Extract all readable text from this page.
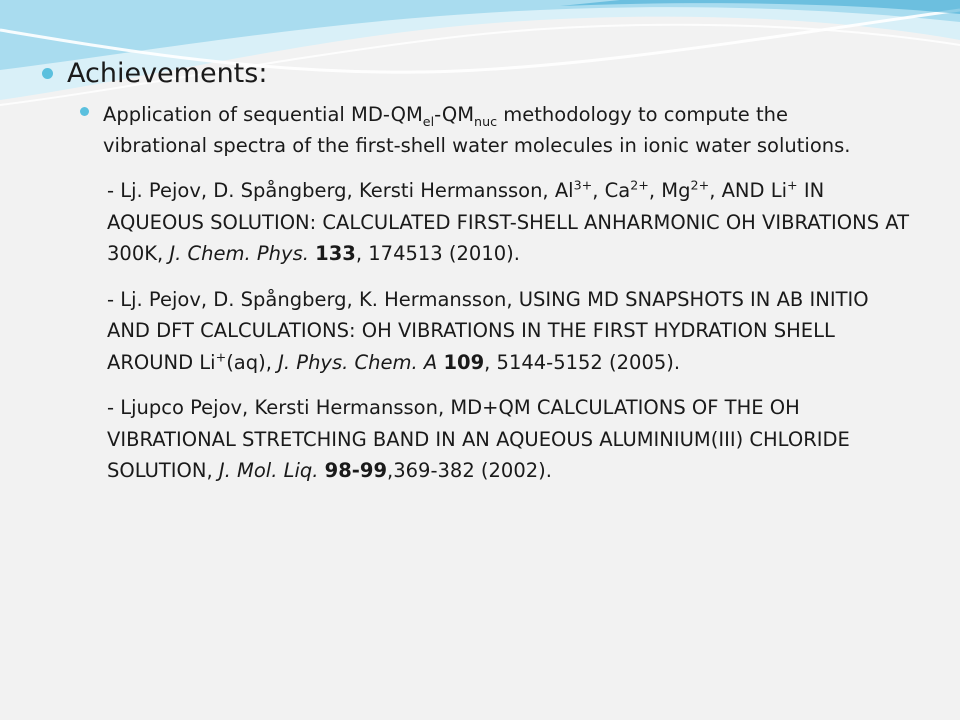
Achievements:
Application of sequential $MD-QM_{el}-QM_{nuc}$ methodology to compute the vibrational spectra of the first-shell water molecules in ionic water solutions.
- Lj. Pejov, D. Spångberg, Kersti Hermansson, $Al^{3+}$, $Ca^{2+}$, $Mg^{2+}$, AND Li+ IN AQUEOUS SOLUTION: CALCULATED FIRST-SHELL ANHARMONIC OH VIBRATIONS AT 300K, J. Chem. Phys. 133, 174513 (2010).
- Lj. Pejov, D. Spångberg, K. Hermansson, USING MD SNAPSHOTS IN AB INITIO AND DFT CALCULATIONS: OH VIBRATIONS IN THE FIRST HYDRATION SHELL AROUND Li+(aq), J. Phys. Chem. A 109, 5144-5152 (2005).
- Ljupco Pejov, Kersti Hermansson, MD+QM CALCULATIONS OF THE OH VIBRATIONAL STRETCHING BAND IN AN AQUEOUS ALUMINIUM(III) CHLORIDE SOLUTION, J. Mol. Liq. 98-99,369-382 (2002).
